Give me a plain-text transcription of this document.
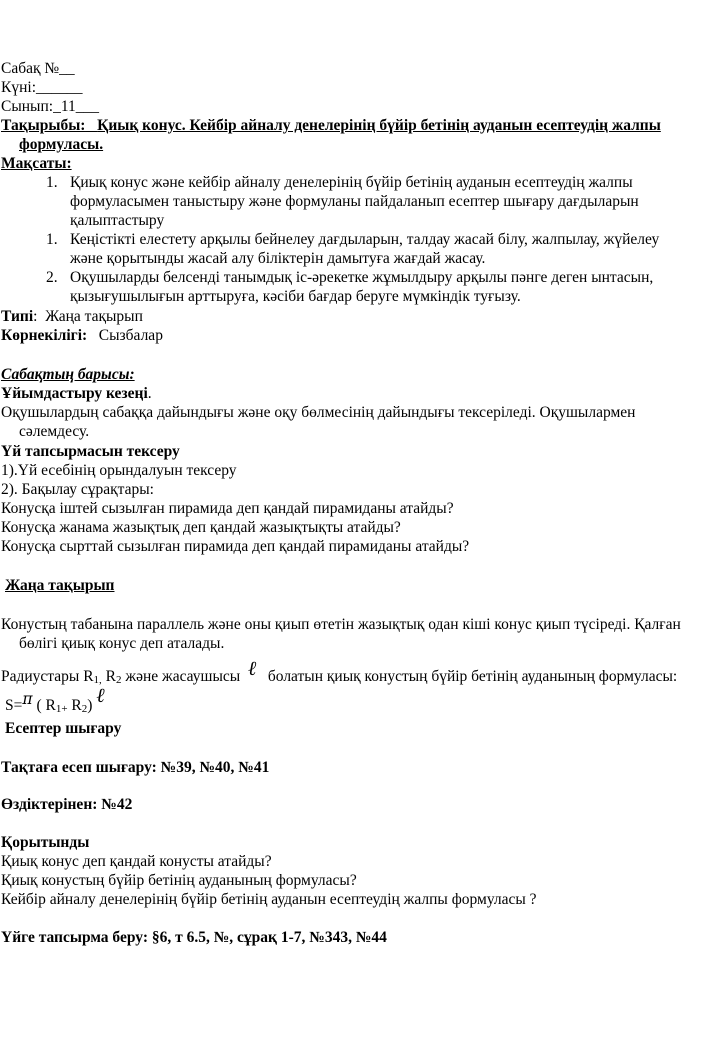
Сабақ №__
Күні:______
Сынып:_11___
Тақырыбы: Қиық конус. Кейбір айналу денелерінің бүйір бетінің ауданын есептеудің жалпы
формуласы.
Мақсаты:
1. Қиық конус және кейбір айналу денелерінің бүйір бетінің ауданын есептеудің жалпы
формуласымен таныстыру және формуланы пайдаланып есептер шығару дағдыларын
қалыптастыру
1. Кеңістікті елестету арқылы бейнелеу дағдыларын, талдау жасай білу, жалпылау, жүйелеу
және қорытынды жасай алу біліктерін дамытуға жағдай жасау.
2. Оқушыларды белсенді танымдық іс-әрекетке жұмылдыру арқылы пәнге деген ынтасын,
қызығушылығын арттыруға, кәсіби бағдар беруге мүмкіндік туғызу.
Типі:  Жаңа тақырып
Көрнекілігі: Сызбалар
Сабақтың барысы:
Ұйымдастыру кезеңі.
Оқушылардың сабаққа дайындығы және оқу бөлмесінің дайындығы тексеріледі. Оқушылармен
сәлемдесу.
Үй тапсырмасын тексеру
1).Үй есебінің орындалуын тексеру
2). Бақылау сұрақтары:
Конусқа іштей сызылған пирамида деп қандай пирамиданы атайды?
Конусқа жанама жазықтық деп қандай жазықтықты атайды?
Конусқа сырттай сызылған пирамида деп қандай пирамиданы атайды?
Жаңа тақырып
Конустың табанына параллель және оны қиып өтетін жазықтық одан кіші конус қиып түсіреді. Қалған
бөлігі қиық конус деп аталады.
Радиустары $R_{1,}$ $R_2$ және жасаушысы ℓ болатын қиық конустың бүйір бетінің ауданының формуласы:
S=π ( $R_{1+}$ $R_2$) ℓ
Есептер шығару
Тақтаға есеп шығару: №39, №40, №41
Өздіктерінен: №42
Қорытынды
Қиық конус деп қандай конусты атайды?
Қиық конустың бүйір бетінің ауданының формуласы?
Кейбір айналу денелерінің бүйір бетінің ауданын есептеудің жалпы формуласы ?
Үйге тапсырма беру: §6, т 6.5, №, сұрақ 1-7, №343, №44
